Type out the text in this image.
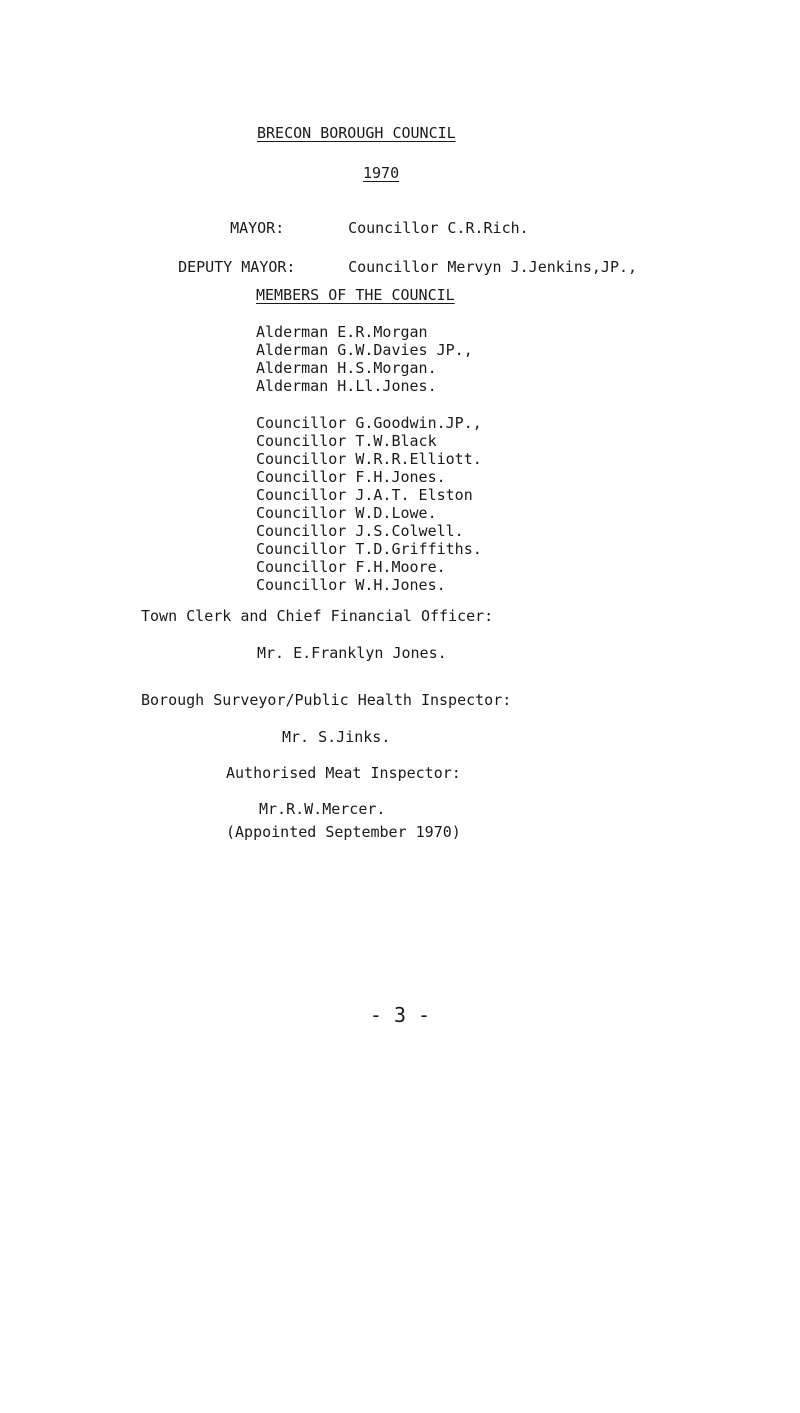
BRECON BOROUGH COUNCIL
1970

MAYOR:	Councillor C.R.Rich.

DEPUTY MAYOR:	Councillor Mervyn J.Jenkins,JP.,

MEMBERS OF THE COUNCIL
Alderman E.R.Morgan
Alderman G.W.Davies JP.,
Alderman H.S.Morgan.
Alderman H.Ll.Jones.
Councillor G.Goodwin.JP.,
Councillor T.W.Black
Councillor W.R.R.Elliott.
Councillor F.H.Jones.
Councillor J.A.T. Elston
Councillor W.D.Lowe.
Councillor J.S.Colwell.
Councillor T.D.Griffiths.
Councillor F.H.Moore.
Councillor W.H.Jones.
Town Clerk and Chief Financial Officer:
Mr. E.Franklyn Jones.
Borough Surveyor/Public Health Inspector:
Mr. S.Jinks.
Authorised Meat Inspector:
Mr.R.W.Mercer.
(Appointed September 1970)
- 3 -
